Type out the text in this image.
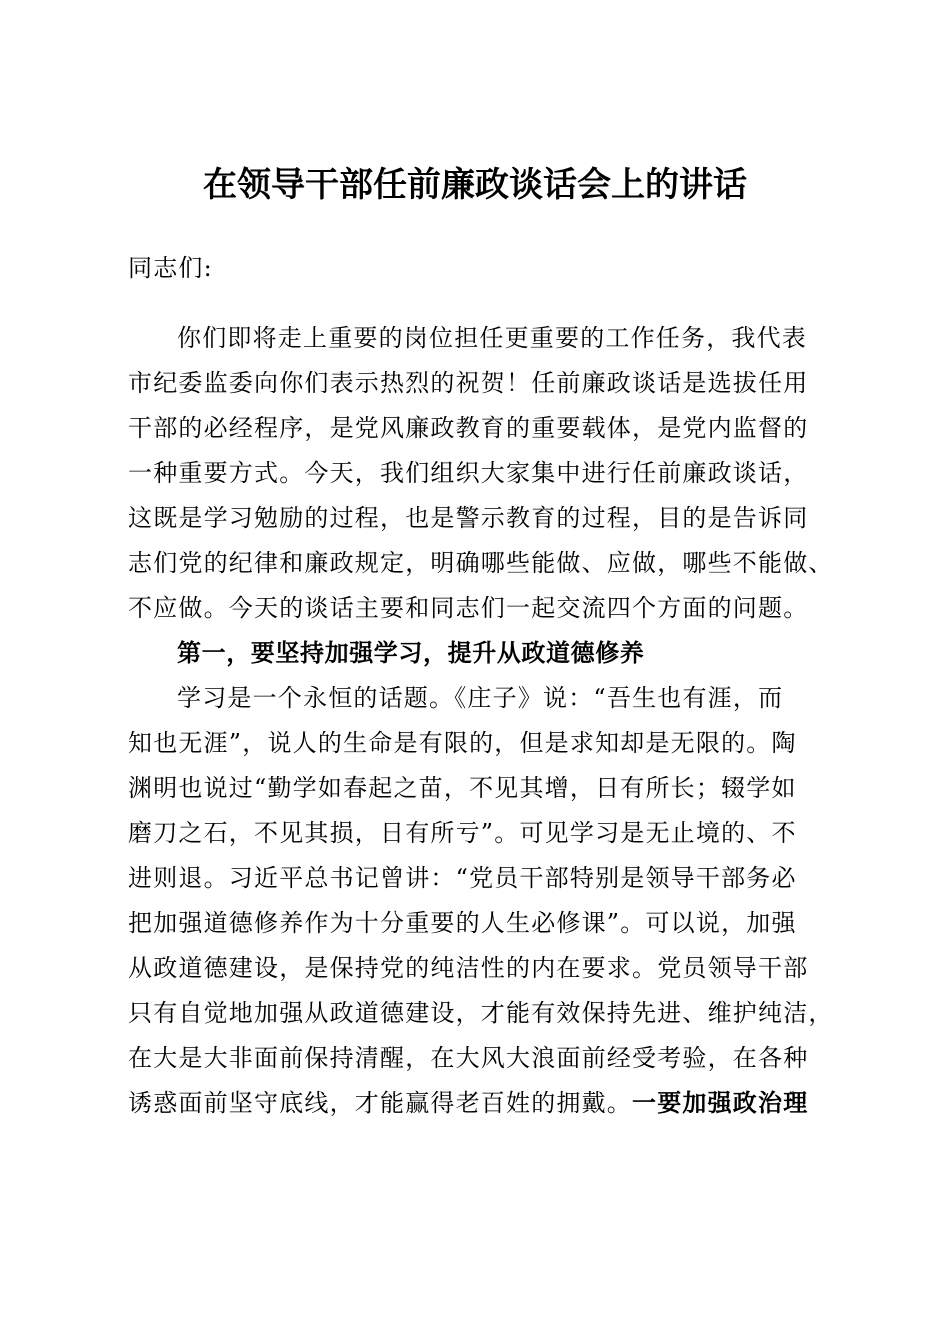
在领导干部任前廉政谈话会上的讲话
同志们:
你们即将走上重要的岗位担任更重要的工作任务，我代表
市纪委监委向你们表示热烈的祝贺！任前廉政谈话是选拔任用
干部的必经程序，是党风廉政教育的重要载体，是党内监督的
一种重要方式。今天，我们组织大家集中进行任前廉政谈话，
这既是学习勉励的过程，也是警示教育的过程，目的是告诉同
志们党的纪律和廉政规定，明确哪些能做、应做，哪些不能做、
不应做。今天的谈话主要和同志们一起交流四个方面的问题。
第一，要坚持加强学习，提升从政道德修养
学习是一个永恒的话题。《庄子》说：“吾生也有涯，而
知也无涯”，说人的生命是有限的，但是求知却是无限的。陶
渊明也说过“勤学如春起之苗，不见其增，日有所长；辍学如
磨刀之石，不见其损，日有所亏”。可见学习是无止境的、不
进则退。习近平总书记曾讲：“党员干部特别是领导干部务必
把加强道德修养作为十分重要的人生必修课”。可以说，加强
从政道德建设，是保持党的纯洁性的内在要求。党员领导干部
只有自觉地加强从政道德建设，才能有效保持先进、维护纯洁，
在大是大非面前保持清醒，在大风大浪面前经受考验，在各种
诱惑面前坚守底线，才能赢得老百姓的拥戴。一要加强政治理
